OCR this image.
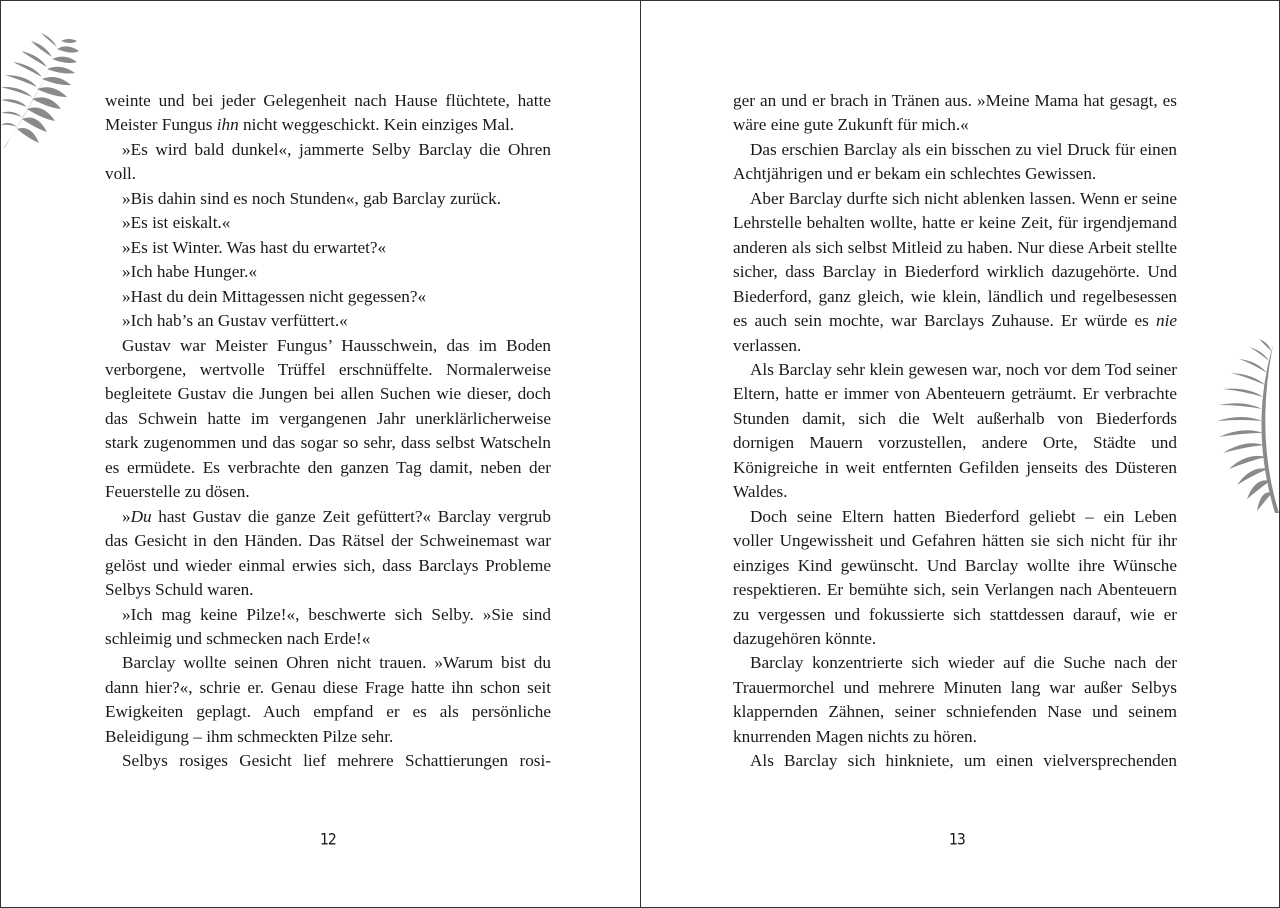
weinte und bei jeder Gelegenheit nach Hause flüchtete, hatte Meister Fungus ihn nicht weggeschickt. Kein einziges Mal.

»Es wird bald dunkel«, jammerte Selby Barclay die Ohren voll.

»Bis dahin sind es noch Stunden«, gab Barclay zurück.

»Es ist eiskalt.«

»Es ist Winter. Was hast du erwartet?«

»Ich habe Hunger.«

»Hast du dein Mittagessen nicht gegessen?«

»Ich hab’s an Gustav verfüttert.«

Gustav war Meister Fungus’ Hausschwein, das im Boden verborgene, wertvolle Trüffel erschnüffelte. Normalerweise begleitete Gustav die Jungen bei allen Suchen wie dieser, doch das Schwein hatte im vergangenen Jahr unerklärlicherweise stark zugenommen und das sogar so sehr, dass selbst Watscheln es ermüdete. Es verbrachte den ganzen Tag damit, neben der Feuerstelle zu dösen.

»Du hast Gustav die ganze Zeit gefüttert?« Barclay vergrub das Gesicht in den Händen. Das Rätsel der Schweinemast war gelöst und wieder einmal erwies sich, dass Barclays Probleme Selbys Schuld waren.

»Ich mag keine Pilze!«, beschwerte sich Selby. »Sie sind schleimig und schmecken nach Erde!«

Barclay wollte seinen Ohren nicht trauen. »Warum bist du dann hier?«, schrie er. Genau diese Frage hatte ihn schon seit Ewigkeiten geplagt. Auch empfand er es als persönliche Beleidigung – ihm schmeckten Pilze sehr.

Selbys rosiges Gesicht lief mehrere Schattierungen rosi-

12

ger an und er brach in Tränen aus. »Meine Mama hat gesagt, es wäre eine gute Zukunft für mich.«

Das erschien Barclay als ein bisschen zu viel Druck für einen Achtjährigen und er bekam ein schlechtes Gewissen.

Aber Barclay durfte sich nicht ablenken lassen. Wenn er seine Lehrstelle behalten wollte, hatte er keine Zeit, für irgendjemand anderen als sich selbst Mitleid zu haben. Nur diese Arbeit stellte sicher, dass Barclay in Biederford wirklich dazugehörte. Und Biederford, ganz gleich, wie klein, ländlich und regelbesessen es auch sein mochte, war Barclays Zuhause. Er würde es nie verlassen.

Als Barclay sehr klein gewesen war, noch vor dem Tod seiner Eltern, hatte er immer von Abenteuern geträumt. Er verbrachte Stunden damit, sich die Welt außerhalb von Biederfords dornigen Mauern vorzustellen, andere Orte, Städte und Königreiche in weit entfernten Gefilden jenseits des Düsteren Waldes.

Doch seine Eltern hatten Biederford geliebt – ein Leben voller Ungewissheit und Gefahren hätten sie sich nicht für ihr einziges Kind gewünscht. Und Barclay wollte ihre Wünsche respektieren. Er bemühte sich, sein Verlangen nach Abenteuern zu vergessen und fokussierte sich stattdessen darauf, wie er dazugehören könnte.

Barclay konzentrierte sich wieder auf die Suche nach der Trauermorchel und mehrere Minuten lang war außer Selbys klappernden Zähnen, seiner schniefenden Nase und seinem knurrenden Magen nichts zu hören.

Als Barclay sich hinkniete, um einen vielversprechenden

13
